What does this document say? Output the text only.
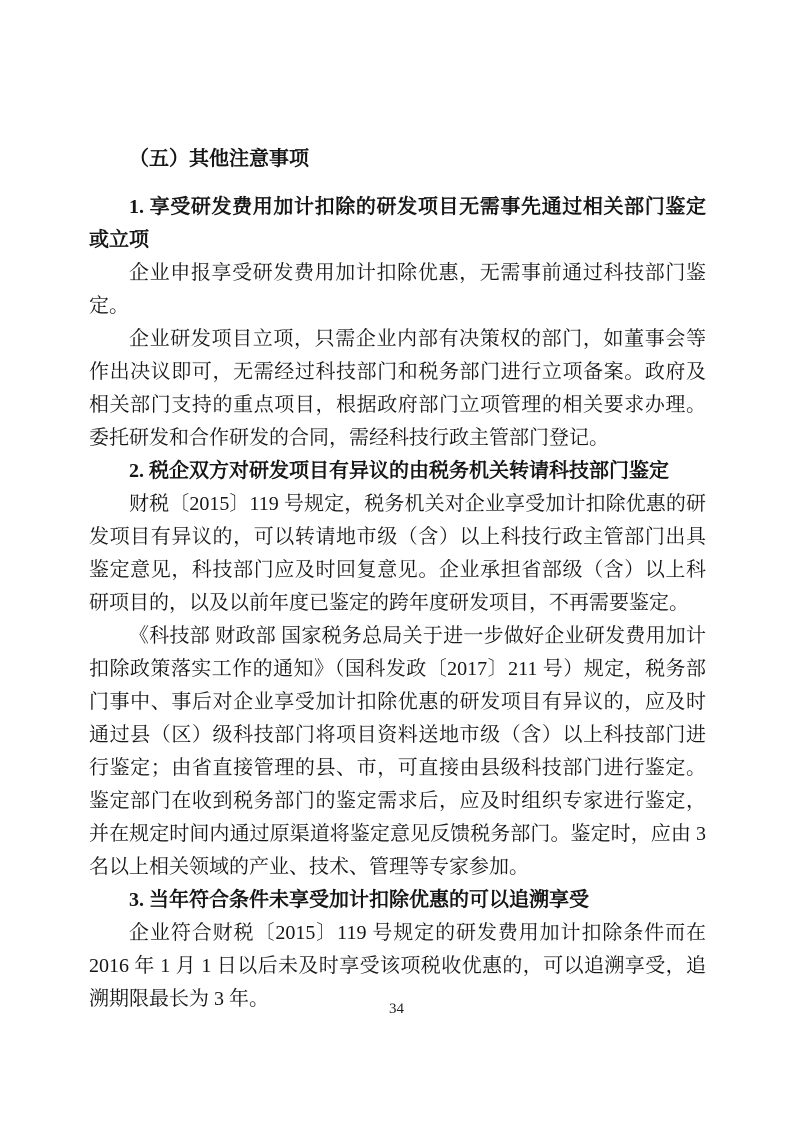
（五）其他注意事项

1. 享受研发费用加计扣除的研发项目无需事先通过相关部门鉴定或立项

企业申报享受研发费用加计扣除优惠，无需事前通过科技部门鉴定。

企业研发项目立项，只需企业内部有决策权的部门，如董事会等作出决议即可，无需经过科技部门和税务部门进行立项备案。政府及相关部门支持的重点项目，根据政府部门立项管理的相关要求办理。委托研发和合作研发的合同，需经科技行政主管部门登记。

2. 税企双方对研发项目有异议的由税务机关转请科技部门鉴定

财税〔2015〕119 号规定，税务机关对企业享受加计扣除优惠的研发项目有异议的，可以转请地市级（含）以上科技行政主管部门出具鉴定意见，科技部门应及时回复意见。企业承担省部级（含）以上科研项目的，以及以前年度已鉴定的跨年度研发项目，不再需要鉴定。

《科技部 财政部 国家税务总局关于进一步做好企业研发费用加计扣除政策落实工作的通知》（国科发政〔2017〕211 号）规定，税务部门事中、事后对企业享受加计扣除优惠的研发项目有异议的，应及时通过县（区）级科技部门将项目资料送地市级（含）以上科技部门进行鉴定；由省直接管理的县、市，可直接由县级科技部门进行鉴定。鉴定部门在收到税务部门的鉴定需求后，应及时组织专家进行鉴定，并在规定时间内通过原渠道将鉴定意见反馈税务部门。鉴定时，应由 3 名以上相关领域的产业、技术、管理等专家参加。

3. 当年符合条件未享受加计扣除优惠的可以追溯享受

企业符合财税〔2015〕119 号规定的研发费用加计扣除条件而在 2016 年 1 月 1 日以后未及时享受该项税收优惠的，可以追溯享受，追溯期限最长为 3 年。	34
